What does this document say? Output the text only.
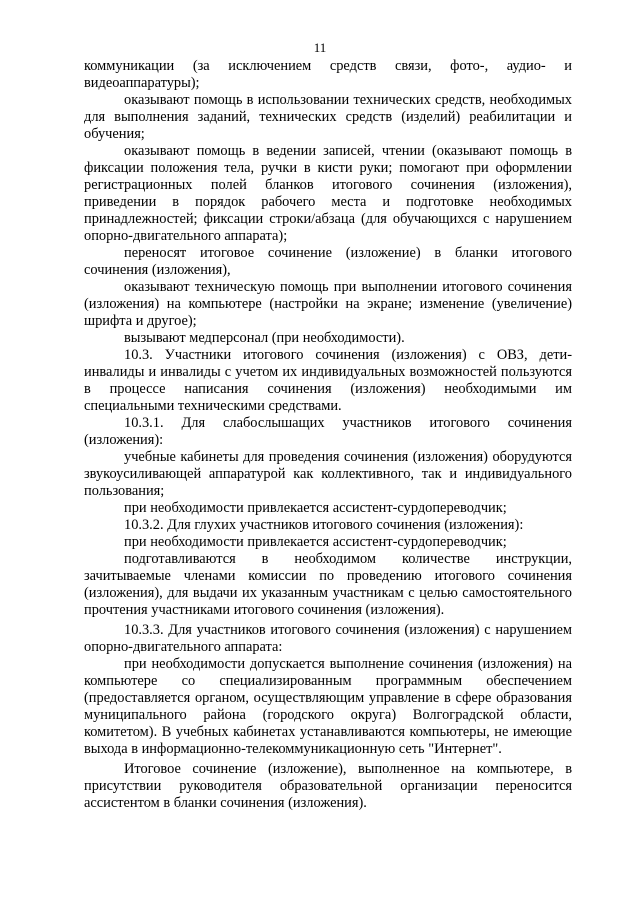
11

коммуникации (за исключением средств связи, фото-, аудио- и видеоаппаратуры);

оказывают помощь в использовании технических средств, необходимых для выполнения заданий, технических средств (изделий) реабилитации и обучения;

оказывают помощь в ведении записей, чтении (оказывают помощь в фиксации положения тела, ручки в кисти руки; помогают при оформлении регистрационных полей бланков итогового сочинения (изложения), приведении в порядок рабочего места и подготовке необходимых принадлежностей; фиксации строки/абзаца (для обучающихся с нарушением опорно-двигательного аппарата);

переносят итоговое сочинение (изложение) в бланки итогового сочинения (изложения),

оказывают техническую помощь при выполнении итогового сочинения (изложения) на компьютере (настройки на экране; изменение (увеличение) шрифта и другое);

вызывают медперсонал (при необходимости).

10.3. Участники итогового сочинения (изложения) с ОВЗ, дети-инвалиды и инвалиды с учетом их индивидуальных возможностей пользуются в процессе написания сочинения (изложения) необходимыми им специальными техническими средствами.

10.3.1. Для слабослышащих участников итогового сочинения (изложения):

учебные кабинеты для проведения сочинения (изложения) оборудуются звукоусиливающей аппаратурой как коллективного, так и индивидуального пользования;

при необходимости привлекается ассистент-сурдопереводчик;

10.3.2. Для глухих участников итогового сочинения (изложения):

при необходимости привлекается ассистент-сурдопереводчик;

подготавливаются в необходимом количестве инструкции, зачитываемые членами комиссии по проведению итогового сочинения (изложения), для выдачи их указанным участникам с целью самостоятельного прочтения участниками итогового сочинения (изложения).

10.3.3. Для участников итогового сочинения (изложения) с нарушением опорно-двигательного аппарата:

при необходимости допускается выполнение сочинения (изложения) на компьютере со специализированным программным обеспечением (предоставляется органом, осуществляющим управление в сфере образования муниципального района (городского округа) Волгоградской области, комитетом). В учебных кабинетах устанавливаются компьютеры, не имеющие выхода в информационно-телекоммуникационную сеть "Интернет".

Итоговое сочинение (изложение), выполненное на компьютере, в присутствии руководителя образовательной организации переносится ассистентом в бланки сочинения (изложения).
